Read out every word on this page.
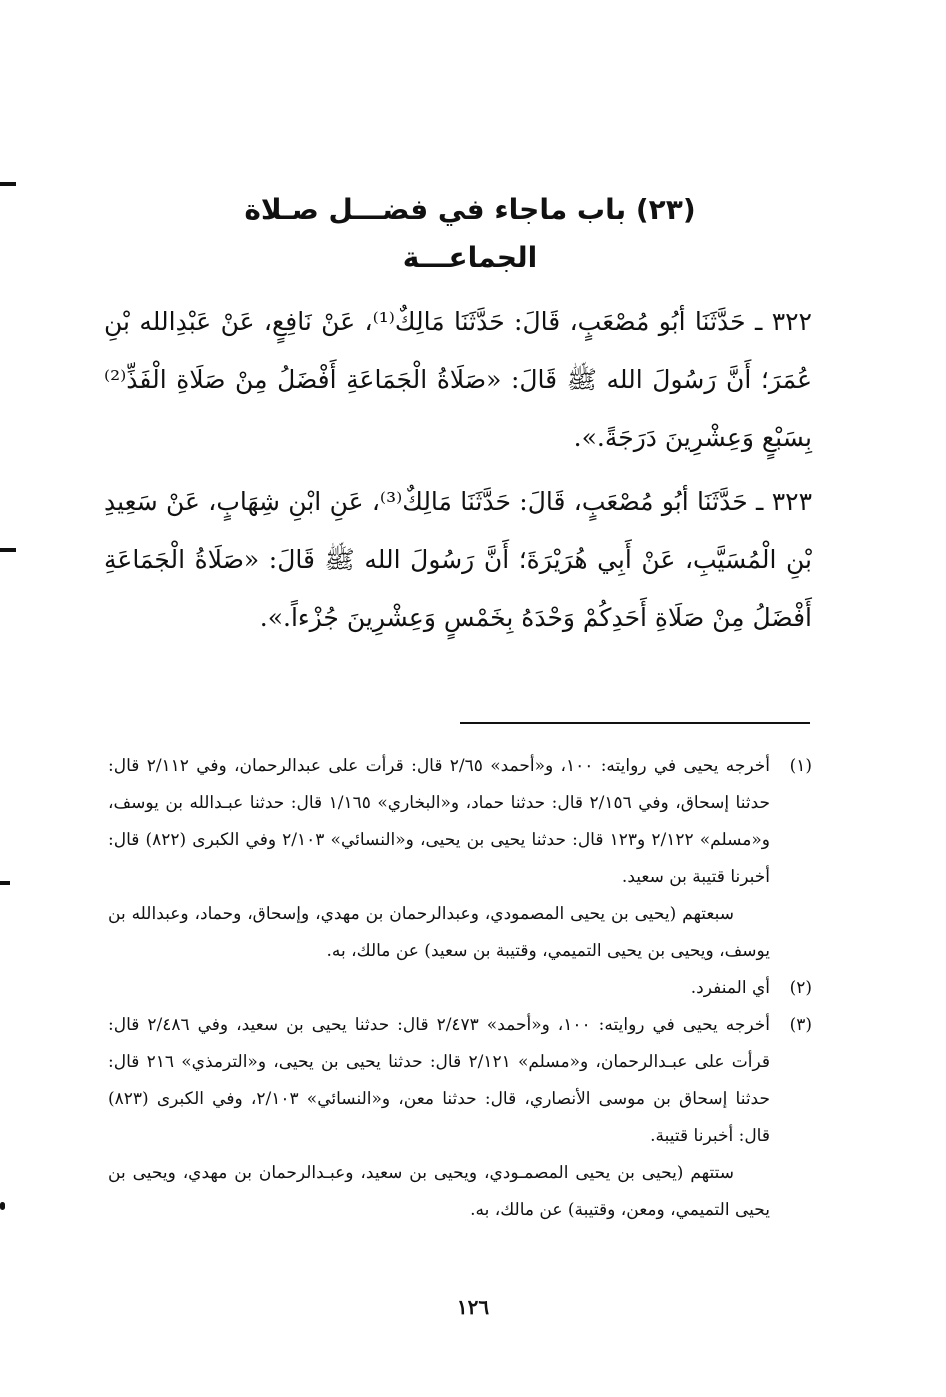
(٢٣) باب ماجاء في فضـــل صـلاة الجماعـــة

٣٢٢ ـ حَدَّثَنَا أبُو مُصْعَبٍ، قَالَ: حَدَّثَنَا مَالِكٌ⁽¹⁾، عَنْ نَافِعٍ، عَنْ عَبْدِالله بْنِ عُمَرَ؛ أَنَّ رَسُولَ الله ﷺ قَالَ: «صَلَاةُ الْجَمَاعَةِ أَفْضَلُ مِنْ صَلَاةِ الْفَذِّ⁽²⁾ بِسَبْعٍ وَعِشْرِينَ دَرَجَةً.».

٣٢٣ ـ حَدَّثَنَا أبُو مُصْعَبٍ، قَالَ: حَدَّثَنَا مَالِكٌ⁽³⁾، عَنِ ابْنِ شِهَابٍ، عَنْ سَعِيدِ بْنِ الْمُسَيَّبِ، عَنْ أَبِي هُرَيْرَةَ؛ أَنَّ رَسُولَ الله ﷺ قَالَ: «صَلَاةُ الْجَمَاعَةِ أَفْضَلُ مِنْ صَلَاةِ أَحَدِكُمْ وَحْدَهُ بِخَمْسٍ وَعِشْرِينَ جُزْءاً.».

(١)

أخرجه يحيى في روايته: ١٠٠، و«أحمد» ٢/٦٥ قال: قرأت على عبدالرحمان، وفي ٢/١١٢ قال: حدثنا إسحاق، وفي ٢/١٥٦ قال: حدثنا حماد، و«البخاري» ١/١٦٥ قال: حدثنا عبـدالله بن يوسف، و«مسلم» ٢/١٢٢ و١٢٣ قال: حدثنا يحيى بن يحيى، و«النسائي» ٢/١٠٣ وفي الكبرى (٨٢٢) قال: أخبرنا قتيبة بن سعيد.

سبعتهم (يحيى بن يحيى المصمودي، وعبدالرحمان بن مهدي، وإسحاق، وحماد، وعبدالله بن يوسف، ويحيى بن يحيى التميمي، وقتيبة بن سعيد) عن مالك، به.

(٢)

أي المنفرد.

(٣)

أخرجه يحيى في روايته: ١٠٠، و«أحمد» ٢/٤٧٣ قال: حدثنا يحيى بن سعيد، وفي ٢/٤٨٦ قال: قرأت على عبـدالرحمان، و«مسلم» ٢/١٢١ قال: حدثنا يحيى بن يحيى، و«الترمذي» ٢١٦ قال: حدثنا إسحاق بن موسى الأنصاري، قال: حدثنا معن، و«النسائي» ٢/١٠٣، وفي الكبرى (٨٢٣) قال: أخبرنا قتيبة.

ستتهم (يحيى بن يحيى المصمـودي، ويحيى بن سعيد، وعبـدالرحمان بن مهدي، ويحيى بن يحيى التميمي، ومعن، وقتيبة) عن مالك، به.

١٢٦
